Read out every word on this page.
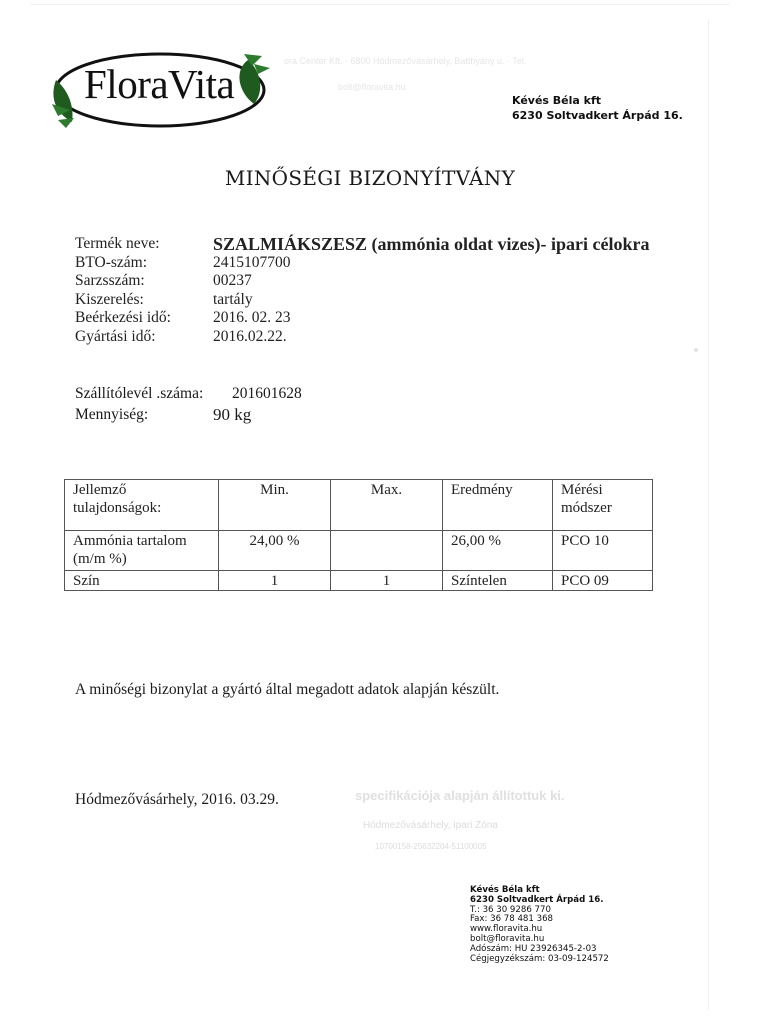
FloraVita	ora Center Kft. · 6800 Hódmezővásárhely, Batthyány u. · Tel.
bolt@floravita.hu
Kévés Béla kft
6230 Soltvadkert Árpád 16.
MINŐSÉGI BIZONYÍTVÁNY
Termék neve:	SZALMIÁKSZESZ (ammónia oldat vizes)- ipari célokra
BTO-szám:	2415107700
Sarzsszám:	00237
Kiszerelés:	tartály
Beérkezési idő:	2016. 02. 23
Gyártási idő:	2016.02.22.
Szállítólevél .száma:	201601628
Mennyiség:	90 kg
Jellemző tulajdonságok:	Min.	Max.	Eredmény	Mérési módszer
Ammónia tartalom (m/m %)	24,00 %		26,00 %	PCO 10
Szín	1	1	Színtelen	PCO 09
A minőségi bizonylat a gyártó által megadott adatok alapján készült.
Hódmezővásárhely, 2016. 03.29.	specifikációja alapján állítottuk ki.
Hódmezővásárhely, ipari Zóna
10700158-25632204-51100005
Kévés Béla kft
6230 Soltvadkert Árpád 16.
T.: 36 30 9286 770
Fax: 36 78 481 368
www.floravita.hu
bolt@floravita.hu
Adószám: HU 23926345-2-03
Cégjegyzékszám: 03-09-124572
